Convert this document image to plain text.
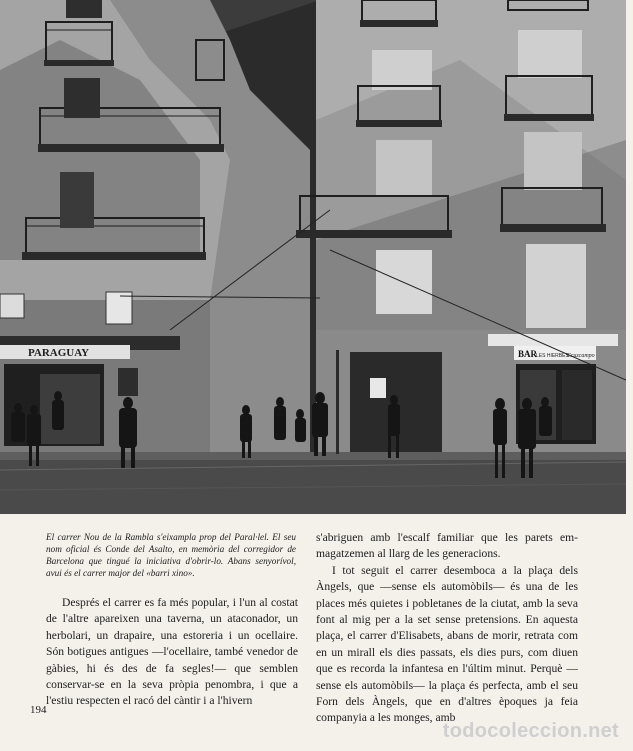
PARAGUAY	BAR
LES HIERBES
Cruzcampo

El carrer Nou de la Rambla s'eixampla prop del Paral·lel. El seu nom oficial és Conde del Asalto, en memòria del corregidor de Barcelona que tingué la iniciativa d'obrir-lo. Abans senyorívol, avui és el carrer major del «barri xino».

Després el carrer es fa més popular, i l'un al costat de l'altre apareixen una taverna, un ataconador, un herbolari, un drapaire, una estoreria i un ocellaire. Són botigues antigues —l'ocellaire, també venedor de gàbies, hi és des de fa segles!— que semblen conservar-se en la seva pròpia penombra, i que a l'estiu respecten el racó del càntir i a l'hivern

s'abriguen amb l'escalf familiar que les parets emmagatzemen al llarg de les generacions.

I tot seguit el carrer desemboca a la plaça dels Àngels, que —sense els automòbils— és una de les places més quietes i pobletanes de la ciutat, amb la seva font al mig per a la set sense pretensions. En aquesta plaça, el carrer d'Elisabets, abans de morir, retrata com en un mirall els dies passats, els dies purs, com diuen que es recorda la infantesa en l'últim minut. Perquè —sense els automòbils— la plaça és perfecta, amb el seu Forn dels Àngels, que en d'altres èpoques ja feia companyia a les monges, amb

194
todocoleccion.net
